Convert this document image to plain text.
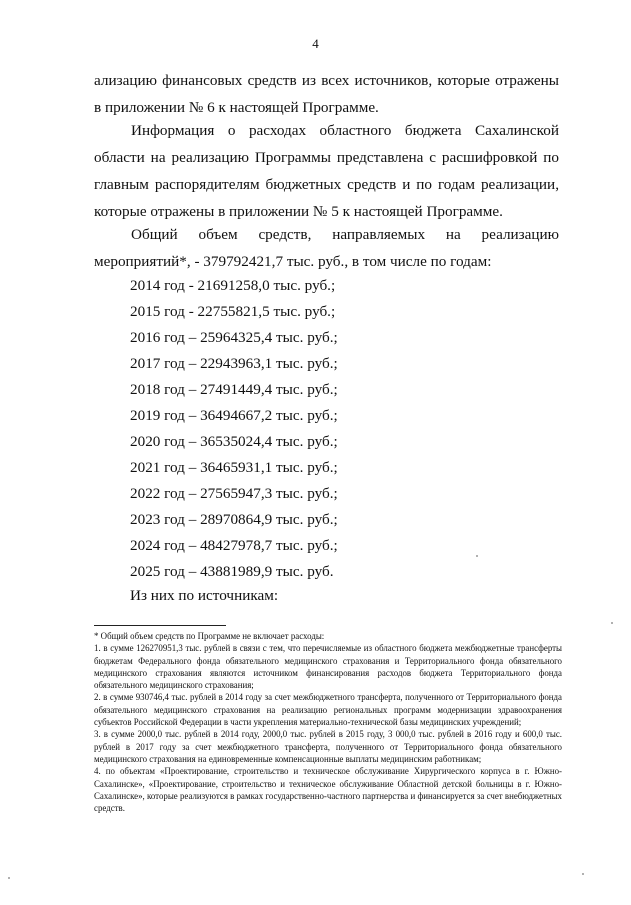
4

ализацию финансовых средств из всех источников, которые отражены в приложении № 6 к настоящей Программе.

Информация о расходах областного бюджета Сахалинской области на реализацию Программы представлена с расшифровкой по главным распорядителям бюджетных средств и по годам реализации, которые отражены в приложении № 5 к настоящей Программе.

Общий объем средств, направляемых на реализацию мероприятий*, - 379792421,7 тыс. руб., в том числе по годам:

2014 год - 21691258,0 тыс. руб.;
2015 год - 22755821,5 тыс. руб.;
2016 год – 25964325,4 тыс. руб.;
2017 год – 22943963,1 тыс. руб.;
2018 год – 27491449,4 тыс. руб.;
2019 год – 36494667,2 тыс. руб.;
2020 год – 36535024,4 тыс. руб.;
2021 год – 36465931,1 тыс. руб.;
2022 год – 27565947,3 тыс. руб.;
2023 год – 28970864,9 тыс. руб.;
2024 год – 48427978,7 тыс. руб.;
2025 год – 43881989,9 тыс. руб.
Из них по источникам:

* Общий объем средств по Программе не включает расходы:

1. в сумме 126270951,3 тыс. рублей в связи с тем, что перечисляемые из областного бюджета межбюджетные трансферты бюджетам Федерального фонда обязательного медицинского страхования и Территориального фонда обязательного медицинского страхования являются источником финансирования расходов бюджета Территориального фонда обязательного медицинского страхования;

2. в сумме 930746,4 тыс. рублей в 2014 году за счет межбюджетного трансферта, полученного от Территориального фонда обязательного медицинского страхования на реализацию региональных программ модернизации здравоохранения субъектов Российской Федерации в части укрепления материально-технической базы медицинских учреждений;

3. в сумме 2000,0 тыс. рублей в 2014 году, 2000,0 тыс. рублей в 2015 году, 3 000,0 тыс. рублей в 2016 году и 600,0 тыс. рублей в 2017 году за счет межбюджетного трансферта, полученного от Территориального фонда обязательного медицинского страхования на единовременные компенсационные выплаты медицинским работникам;

4. по объектам «Проектирование, строительство и техническое обслуживание Хирургического корпуса в г. Южно-Сахалинске», «Проектирование, строительство и техническое обслуживание Областной детской больницы в г. Южно-Сахалинске», которые реализуются в рамках государственно-частного партнерства и финансируется за счет внебюджетных средств.
